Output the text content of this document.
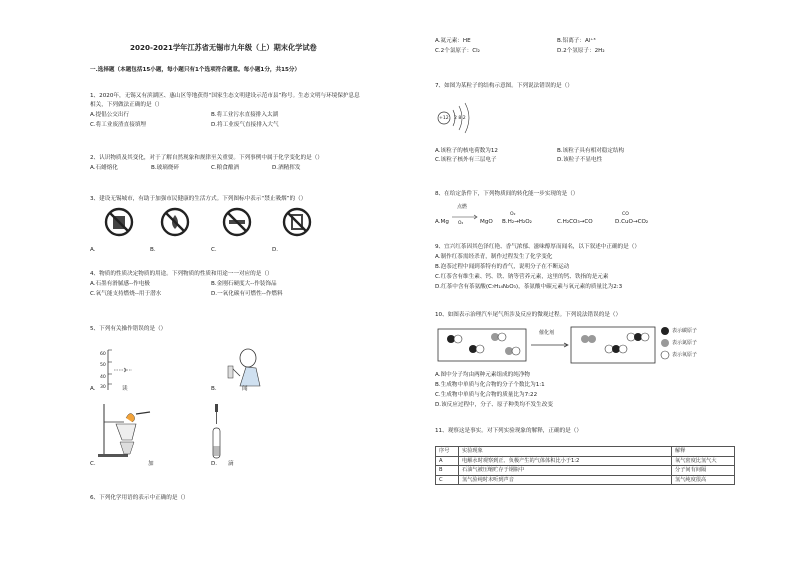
2020-2021学年江苏省无锡市九年级（上）期末化学试卷
一.选择题（本题包括15小题，每小题只有1个选项符合题意。每小题1分，共15分）
1、2020年，无锡又有滨湖区、惠山区等地获得“国家生态文明建设示范市县”称号。生态文明与环境保护息息
相关，下列做法正确的是（）
A.提倡公交出行	B.将工业污水直接排入太湖
C.将工业废渣直接填埋	D.将工业废气直接排入大气
2、认识物质及其变化，对于了解自然现象和规律至关重要。下列事例中属于化学变化的是（）
A.石蜡熔化	B.玻璃烧碎	C.粮食酿酒	D.酒精挥发
3、建设无锡城市，有助于加强市民健康的生活方式。下列图标中表示“禁止吸烟”的（）
A.	B.	C.	D.
4、物质的性质决定物质的用途。下列物质的性质和用途一一对应的是（）
A.石墨有滑腻感--作电极	B.金刚石硬度大--作装饰品
C.氧气能支持燃烧--用于潜水	D.一氧化碳有可燃性--作燃料
5、下列有关操作错误的是（）
60
50
40
30
A.	读	B.	闻
C.	加	D. 滴
6、下列化学用语的表示中正确的是（）
A.氦元素：HE	B.铝离子：Al⁺³
C.2个氯原子：Cl₂	D.2个氢原子：2H₂
7、如图为某粒子的结构示意图。下列说法错误的是（）
+12 2 8 2
A.该粒子的核电荷数为12	B.该粒子具有相对稳定结构
C.该粒子核外有三层电子	D.该粒子不显电性
8、在给定条件下，下列物质间的转化能一步实现的是（）
点燃
O₂	CO
A.Mg O₂	MgO B.H₂→H₂O₂	C.H₂CO₃→CO	D.CuO→CO₂
9、宜兴红茶因其色泽红艳、香气浓郁、滋味醇厚而闻名，以下叙述中正确的是（）
A.制作红茶需经杀青，制作过程发生了化学变化
B.泡茶过程中闻到茶特有的香气，说明分子在不断运动
C.红茶含有维生素、钙、铁、钠等营养元素，这里的钙、铁指的是元素
D.红茶中含有茶氨酸(C₇H₁₄N₂O₃)，茶氨酸中碳元素与氧元素的质量比为2:3
10、如图表示治理汽车尾气所涉及反应的微观过程。下列说法错误的是（）
催化剂	表示碳原子
表示氮原子
表示氧原子
A.图中分子均由两种元素组成的纯净物
B.生成物中单质与化合物的分子个数比为1:1
C.生成物中单质与化合物的质量比为7:22
D.该反应过程中，分子、原子种类均不发生改变
11、观察这是事实。对下列实验现象的解释，正确的是（）
序号	实验现象	解释
A	电解水时观察到正、负极产生的气体体积比小于1:2	氧气密度比氢气大
B	石油气被压缩贮存于钢瓶中	分子间有间隔
C	氢气验纯时未听到声音	氢气纯度很高
